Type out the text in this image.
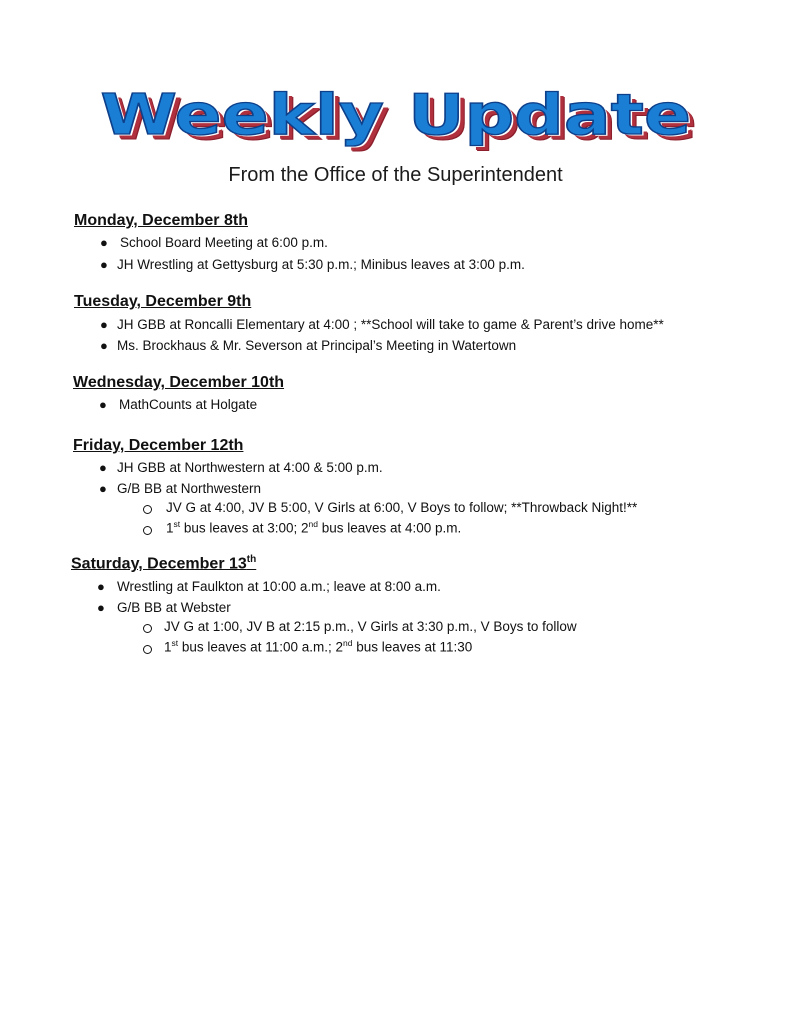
Weekly Update
From the Office of the Superintendent
Monday, December 8th
● School Board Meeting at 6:00 p.m.
● JH Wrestling at Gettysburg at 5:30 p.m.; Minibus leaves at 3:00 p.m.
Tuesday, December 9th
● JH GBB at Roncalli Elementary at 4:00 ; **School will take to game & Parent’s drive home**
● Ms. Brockhaus & Mr. Severson at Principal’s Meeting in Watertown
Wednesday, December 10th
● MathCounts at Holgate
Friday, December 12th
● JH GBB at Northwestern at 4:00 & 5:00 p.m.
● G/B BB at Northwestern
JV G at 4:00, JV B 5:00, V Girls at 6:00, V Boys to follow; **Throwback Night!**
1st bus leaves at 3:00; 2nd bus leaves at 4:00 p.m.
Saturday, December 13th
● Wrestling at Faulkton at 10:00 a.m.; leave at 8:00 a.m.
● G/B BB at Webster
JV G at 1:00, JV B at 2:15 p.m., V Girls at 3:30 p.m., V Boys to follow
1st bus leaves at 11:00 a.m.; 2nd bus leaves at 11:30
